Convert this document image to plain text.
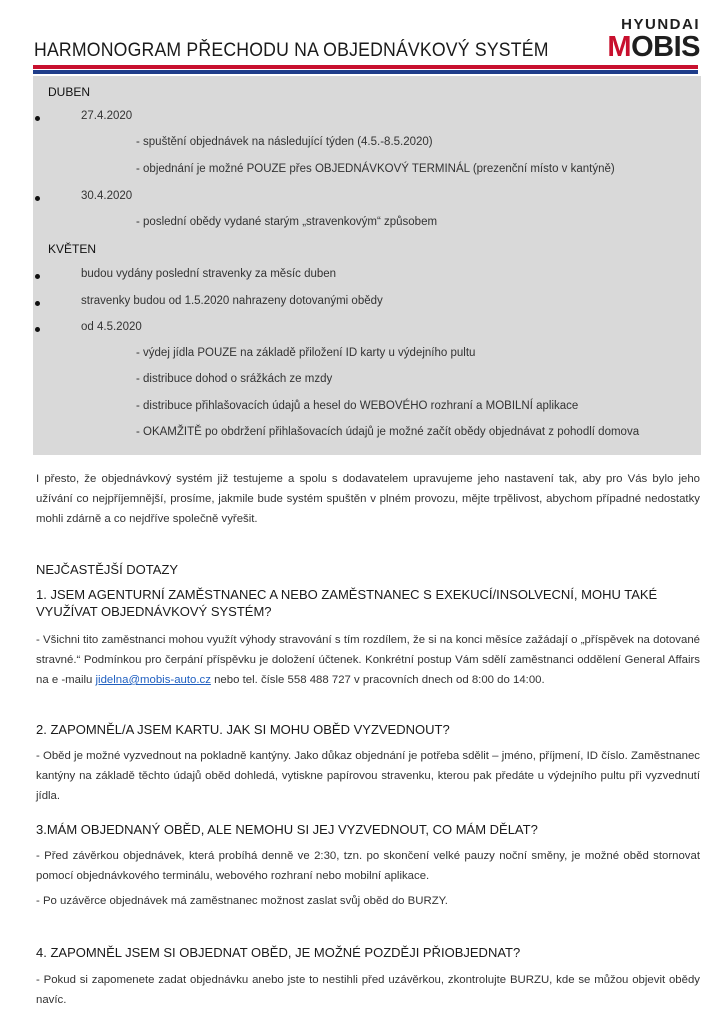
HARMONOGRAM PŘECHODU NA OBJEDNÁVKOVÝ SYSTÉM
HYUNDAI
MOBIS
DUBEN
27.4.2020
- spuštění objednávek na následující týden (4.5.-8.5.2020)
- objednání je možné POUZE přes OBJEDNÁVKOVÝ TERMINÁL (prezenční místo v kantýně)
30.4.2020
- poslední obědy vydané starým „stravenkovým“ způsobem
KVĚTEN
budou vydány poslední stravenky za měsíc duben
stravenky budou od 1.5.2020 nahrazeny dotovanými obědy
od 4.5.2020
- výdej jídla POUZE na základě přiložení ID karty u výdejního pultu
- distribuce dohod o srážkách ze mzdy
- distribuce přihlašovacích údajů a hesel do WEBOVÉHO rozhraní a MOBILNÍ aplikace
- OKAMŽITĚ po obdržení přihlašovacích údajů je možné začít obědy objednávat z pohodlí domova
I přesto, že objednávkový systém již testujeme a spolu s dodavatelem upravujeme jeho nastavení tak, aby pro Vás bylo jeho užívání co nejpříjemnější, prosíme, jakmile bude systém spuštěn v plném provozu, mějte trpělivost, abychom případné nedostatky mohli zdárně a co nejdříve společně vyřešit.
NEJČASTĚJŠÍ DOTAZY
1. JSEM AGENTURNÍ ZAMĚSTNANEC A NEBO ZAMĚSTNANEC S EXEKUCÍ/INSOLVECNÍ, MOHU TAKÉ VYUŽÍVAT OBJEDNÁVKOVÝ SYSTÉM?
- Všichni tito zaměstnanci mohou využít výhody stravování s tím rozdílem, že si na konci měsíce zažádají o „příspěvek na dotované stravné.“ Podmínkou pro čerpání příspěvku je doložení účtenek. Konkrétní postup Vám sdělí zaměstnanci oddělení General Affairs na e -mailu jidelna@mobis-auto.cz nebo tel. čísle 558 488 727 v pracovních dnech od 8:00 do 14:00.
2. ZAPOMNĚL/A JSEM KARTU. JAK SI MOHU OBĚD VYZVEDNOUT?
- Oběd je možné vyzvednout na pokladně kantýny. Jako důkaz objednání je potřeba sdělit – jméno, příjmení, ID číslo. Zaměstnanec kantýny na základě těchto údajů oběd dohledá, vytiskne papírovou stravenku, kterou pak předáte u výdejního pultu při vyzvednutí jídla.
3.MÁM OBJEDNANÝ OBĚD, ALE NEMOHU SI JEJ VYZVEDNOUT, CO MÁM DĚLAT?
- Před závěrkou objednávek, která probíhá denně ve 2:30, tzn. po skončení velké pauzy noční směny, je možné oběd stornovat pomocí objednávkového terminálu, webového rozhraní nebo mobilní aplikace.
- Po uzávěrce objednávek má zaměstnanec možnost zaslat svůj oběd do BURZY.
4. ZAPOMNĚL JSEM SI OBJEDNAT OBĚD, JE MOŽNÉ POZDĚJI PŘIOBJEDNAT?
- Pokud si zapomenete zadat objednávku anebo jste to nestihli před uzávěrkou, zkontrolujte BURZU, kde se můžou objevit obědy navíc.
